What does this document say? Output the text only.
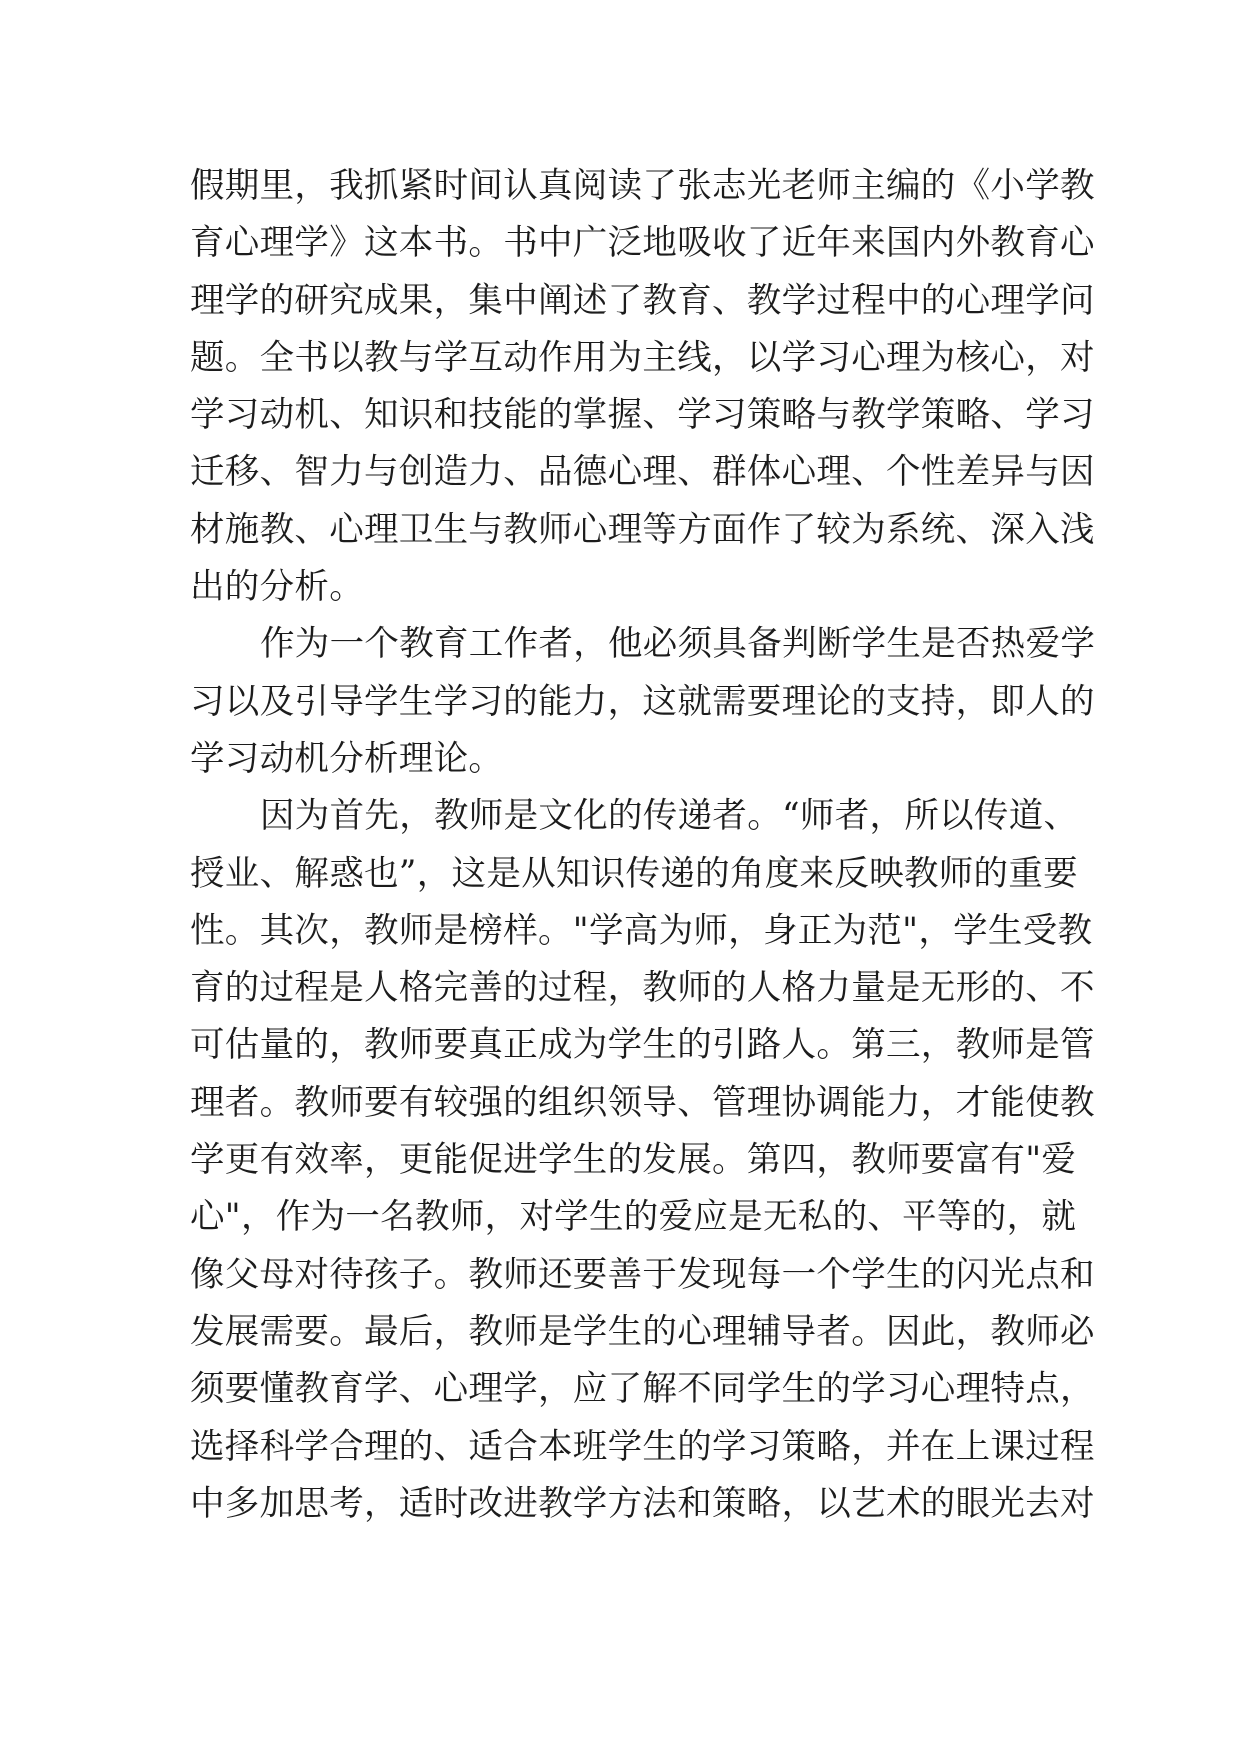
假期里，我抓紧时间认真阅读了张志光老师主编的《小学教
育心理学》这本书。书中广泛地吸收了近年来国内外教育心
理学的研究成果，集中阐述了教育、教学过程中的心理学问
题。全书以教与学互动作用为主线，以学习心理为核心，对
学习动机、知识和技能的掌握、学习策略与教学策略、学习
迁移、智力与创造力、品德心理、群体心理、个性差异与因
材施教、心理卫生与教师心理等方面作了较为系统、深入浅
出的分析。
作为一个教育工作者，他必须具备判断学生是否热爱学
习以及引导学生学习的能力，这就需要理论的支持，即人的
学习动机分析理论。
因为首先，教师是文化的传递者。“师者，所以传道、
授业、解惑也”，这是从知识传递的角度来反映教师的重要
性。其次，教师是榜样。"学高为师，身正为范"，学生受教
育的过程是人格完善的过程，教师的人格力量是无形的、不
可估量的，教师要真正成为学生的引路人。第三，教师是管
理者。教师要有较强的组织领导、管理协调能力，才能使教
学更有效率，更能促进学生的发展。第四，教师要富有"爱
心"，作为一名教师，对学生的爱应是无私的、平等的，就
像父母对待孩子。教师还要善于发现每一个学生的闪光点和
发展需要。最后，教师是学生的心理辅导者。因此，教师必
须要懂教育学、心理学，应了解不同学生的学习心理特点，
选择科学合理的、适合本班学生的学习策略，并在上课过程
中多加思考，适时改进教学方法和策略，以艺术的眼光去对
